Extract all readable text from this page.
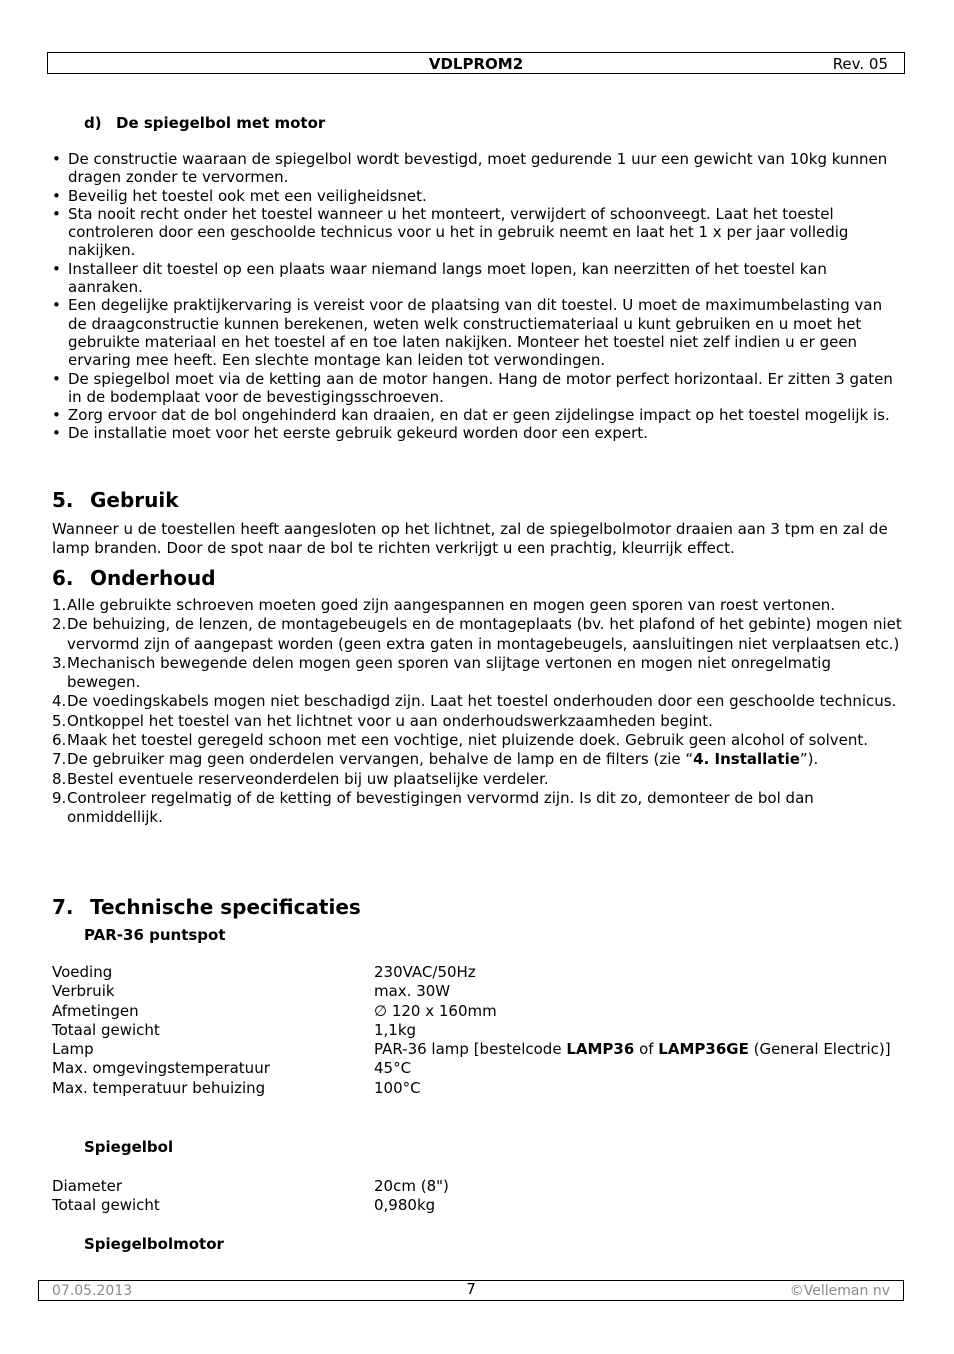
VDLPROM2	Rev. 05
d) De spiegelbol met motor
• De constructie waaraan de spiegelbol wordt bevestigd, moet gedurende 1 uur een gewicht van 10kg kunnen dragen zonder te vervormen.
• Beveilig het toestel ook met een veiligheidsnet.
• Sta nooit recht onder het toestel wanneer u het monteert, verwijdert of schoonveegt. Laat het toestel controleren door een geschoolde technicus voor u het in gebruik neemt en laat het 1 x per jaar volledig nakijken.
• Installeer dit toestel op een plaats waar niemand langs moet lopen, kan neerzitten of het toestel kan aanraken.
• Een degelijke praktijkervaring is vereist voor de plaatsing van dit toestel. U moet de maximumbelasting van de draagconstructie kunnen berekenen, weten welk constructiemateriaal u kunt gebruiken en u moet het gebruikte materiaal en het toestel af en toe laten nakijken. Monteer het toestel niet zelf indien u er geen ervaring mee heeft. Een slechte montage kan leiden tot verwondingen.
• De spiegelbol moet via de ketting aan de motor hangen. Hang de motor perfect horizontaal. Er zitten 3 gaten in de bodemplaat voor de bevestigingsschroeven.
• Zorg ervoor dat de bol ongehinderd kan draaien, en dat er geen zijdelingse impact op het toestel mogelijk is.
• De installatie moet voor het eerste gebruik gekeurd worden door een expert.
5. Gebruik

Wanneer u de toestellen heeft aangesloten op het lichtnet, zal de spiegelbolmotor draaien aan 3 tpm en zal de lamp branden. Door de spot naar de bol te richten verkrijgt u een prachtig, kleurrijk effect.

6. Onderhoud
1. Alle gebruikte schroeven moeten goed zijn aangespannen en mogen geen sporen van roest vertonen.
2. De behuizing, de lenzen, de montagebeugels en de montageplaats (bv. het plafond of het gebinte) mogen niet vervormd zijn of aangepast worden (geen extra gaten in montagebeugels, aansluitingen niet verplaatsen etc.)
3. Mechanisch bewegende delen mogen geen sporen van slijtage vertonen en mogen niet onregelmatig bewegen.
4. De voedingskabels mogen niet beschadigd zijn. Laat het toestel onderhouden door een geschoolde technicus.
5. Ontkoppel het toestel van het lichtnet voor u aan onderhoudswerkzaamheden begint.
6. Maak het toestel geregeld schoon met een vochtige, niet pluizende doek. Gebruik geen alcohol of solvent.
7. De gebruiker mag geen onderdelen vervangen, behalve de lamp en de filters (zie “4. Installatie”).
8. Bestel eventuele reserveonderdelen bij uw plaatselijke verdeler.
9. Controleer regelmatig of de ketting of bevestigingen vervormd zijn. Is dit zo, demonteer de bol dan onmiddellijk.
7. Technische specificaties
PAR-36 puntspot
Voeding	230VAC/50Hz
Verbruik	max. 30W
Afmetingen	∅ 120 x 160mm
Totaal gewicht	1,1kg
Lamp	PAR-36 lamp [bestelcode LAMP36 of LAMP36GE (General Electric)]
Max. omgevingstemperatuur	45°C
Max. temperatuur behuizing	100°C
Spiegelbol
Diameter	20cm (8")
Totaal gewicht	0,980kg
Spiegelbolmotor
07.05.2013	7	©Velleman nv
